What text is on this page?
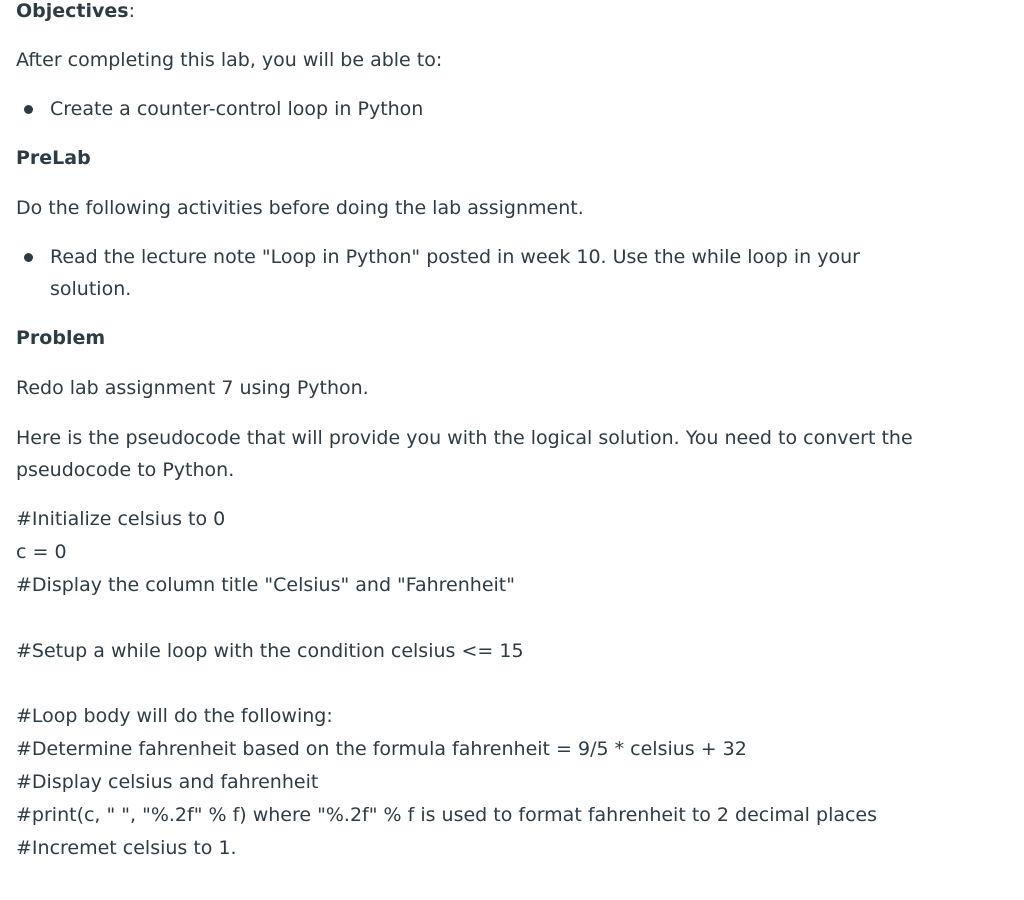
Objectives:
After completing this lab, you will be able to:
Create a counter-control loop in Python
PreLab
Do the following activities before doing the lab assignment.
Read the lecture note "Loop in Python" posted in week 10. Use the while loop in your solution.
Problem
Redo lab assignment 7 using Python.
Here is the pseudocode that will provide you with the logical solution. You need to convert the pseudocode to Python.
#Initialize celsius to 0
c = 0
#Display the column title "Celsius" and "Fahrenheit"
#Setup a while loop with the condition celsius <= 15
#Loop body will do the following:
#Determine fahrenheit based on the formula fahrenheit = 9/5 * celsius + 32
#Display celsius and fahrenheit
#print(c, " ", "%.2f" % f) where "%.2f" % f is used to format fahrenheit to 2 decimal places
#Incremet celsius to 1.
